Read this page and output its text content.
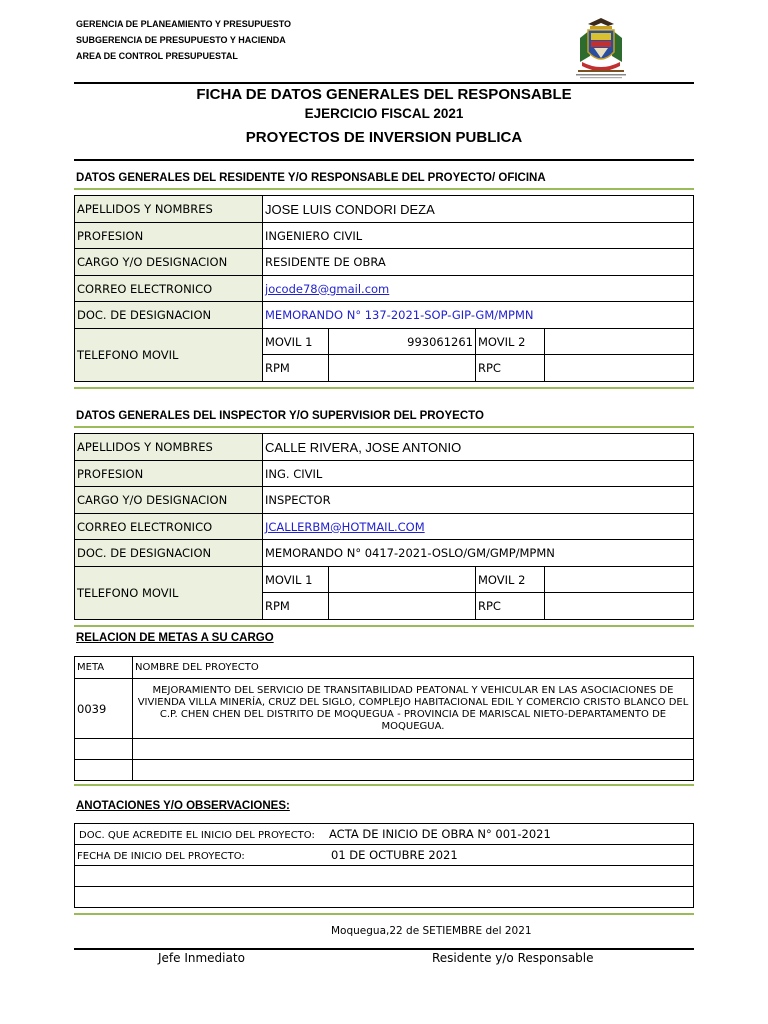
GERENCIA DE PLANEAMIENTO Y PRESUPUESTO
SUBGERENCIA DE PRESUPUESTO Y HACIENDA
AREA DE CONTROL PRESUPUESTAL
FICHA DE DATOS GENERALES DEL RESPONSABLE
EJERCICIO FISCAL 2021
PROYECTOS DE INVERSION PUBLICA
DATOS GENERALES DEL RESIDENTE Y/O RESPONSABLE DEL PROYECTO/ OFICINA
APELLIDOS Y NOMBRES	JOSE LUIS CONDORI DEZA			
PROFESION	INGENIERO CIVIL			
CARGO Y/O DESIGNACION	RESIDENTE DE OBRA			
CORREO ELECTRONICO	jocode78@gmail.com			
DOC. DE DESIGNACION	MEMORANDO N° 137-2021-SOP-GIP-GM/MPMN			
TELEFONO MOVIL	MOVIL 1	993061261	MOVIL 2	
	RPM		RPC	
DATOS GENERALES DEL INSPECTOR Y/O SUPERVISIOR DEL PROYECTO
APELLIDOS Y NOMBRES	CALLE RIVERA, JOSE ANTONIO			
PROFESION	ING. CIVIL			
CARGO Y/O DESIGNACION	INSPECTOR			
CORREO ELECTRONICO	JCALLERBM@HOTMAIL.COM			
DOC. DE DESIGNACION	MEMORANDO N° 0417-2021-OSLO/GM/GMP/MPMN			
TELEFONO MOVIL	MOVIL 1		MOVIL 2	
	RPM		RPC	
RELACION DE METAS A SU CARGO
META	NOMBRE DEL PROYECTO
0039	MEJORAMIENTO DEL SERVICIO DE TRANSITABILIDAD PEATONAL Y VEHICULAR EN LAS ASOCIACIONES DE VIVIENDA VILLA MINERÍA, CRUZ DEL SIGLO, COMPLEJO HABITACIONAL EDIL Y COMERCIO CRISTO BLANCO DEL C.P. CHEN CHEN DEL DISTRITO DE MOQUEGUA - PROVINCIA DE MARISCAL NIETO-DEPARTAMENTO DE MOQUEGUA.

ANOTACIONES Y/O OBSERVACIONES:
DOC. QUE ACREDITE EL INICIO DEL PROYECTO: ACTA DE INICIO DE OBRA N° 001-2021
FECHA DE INICIO DEL PROYECTO:	01 DE OCTUBRE 2021

Moquegua,22 de SETIEMBRE del 2021
Jefe Inmediato	Residente y/o Responsable
